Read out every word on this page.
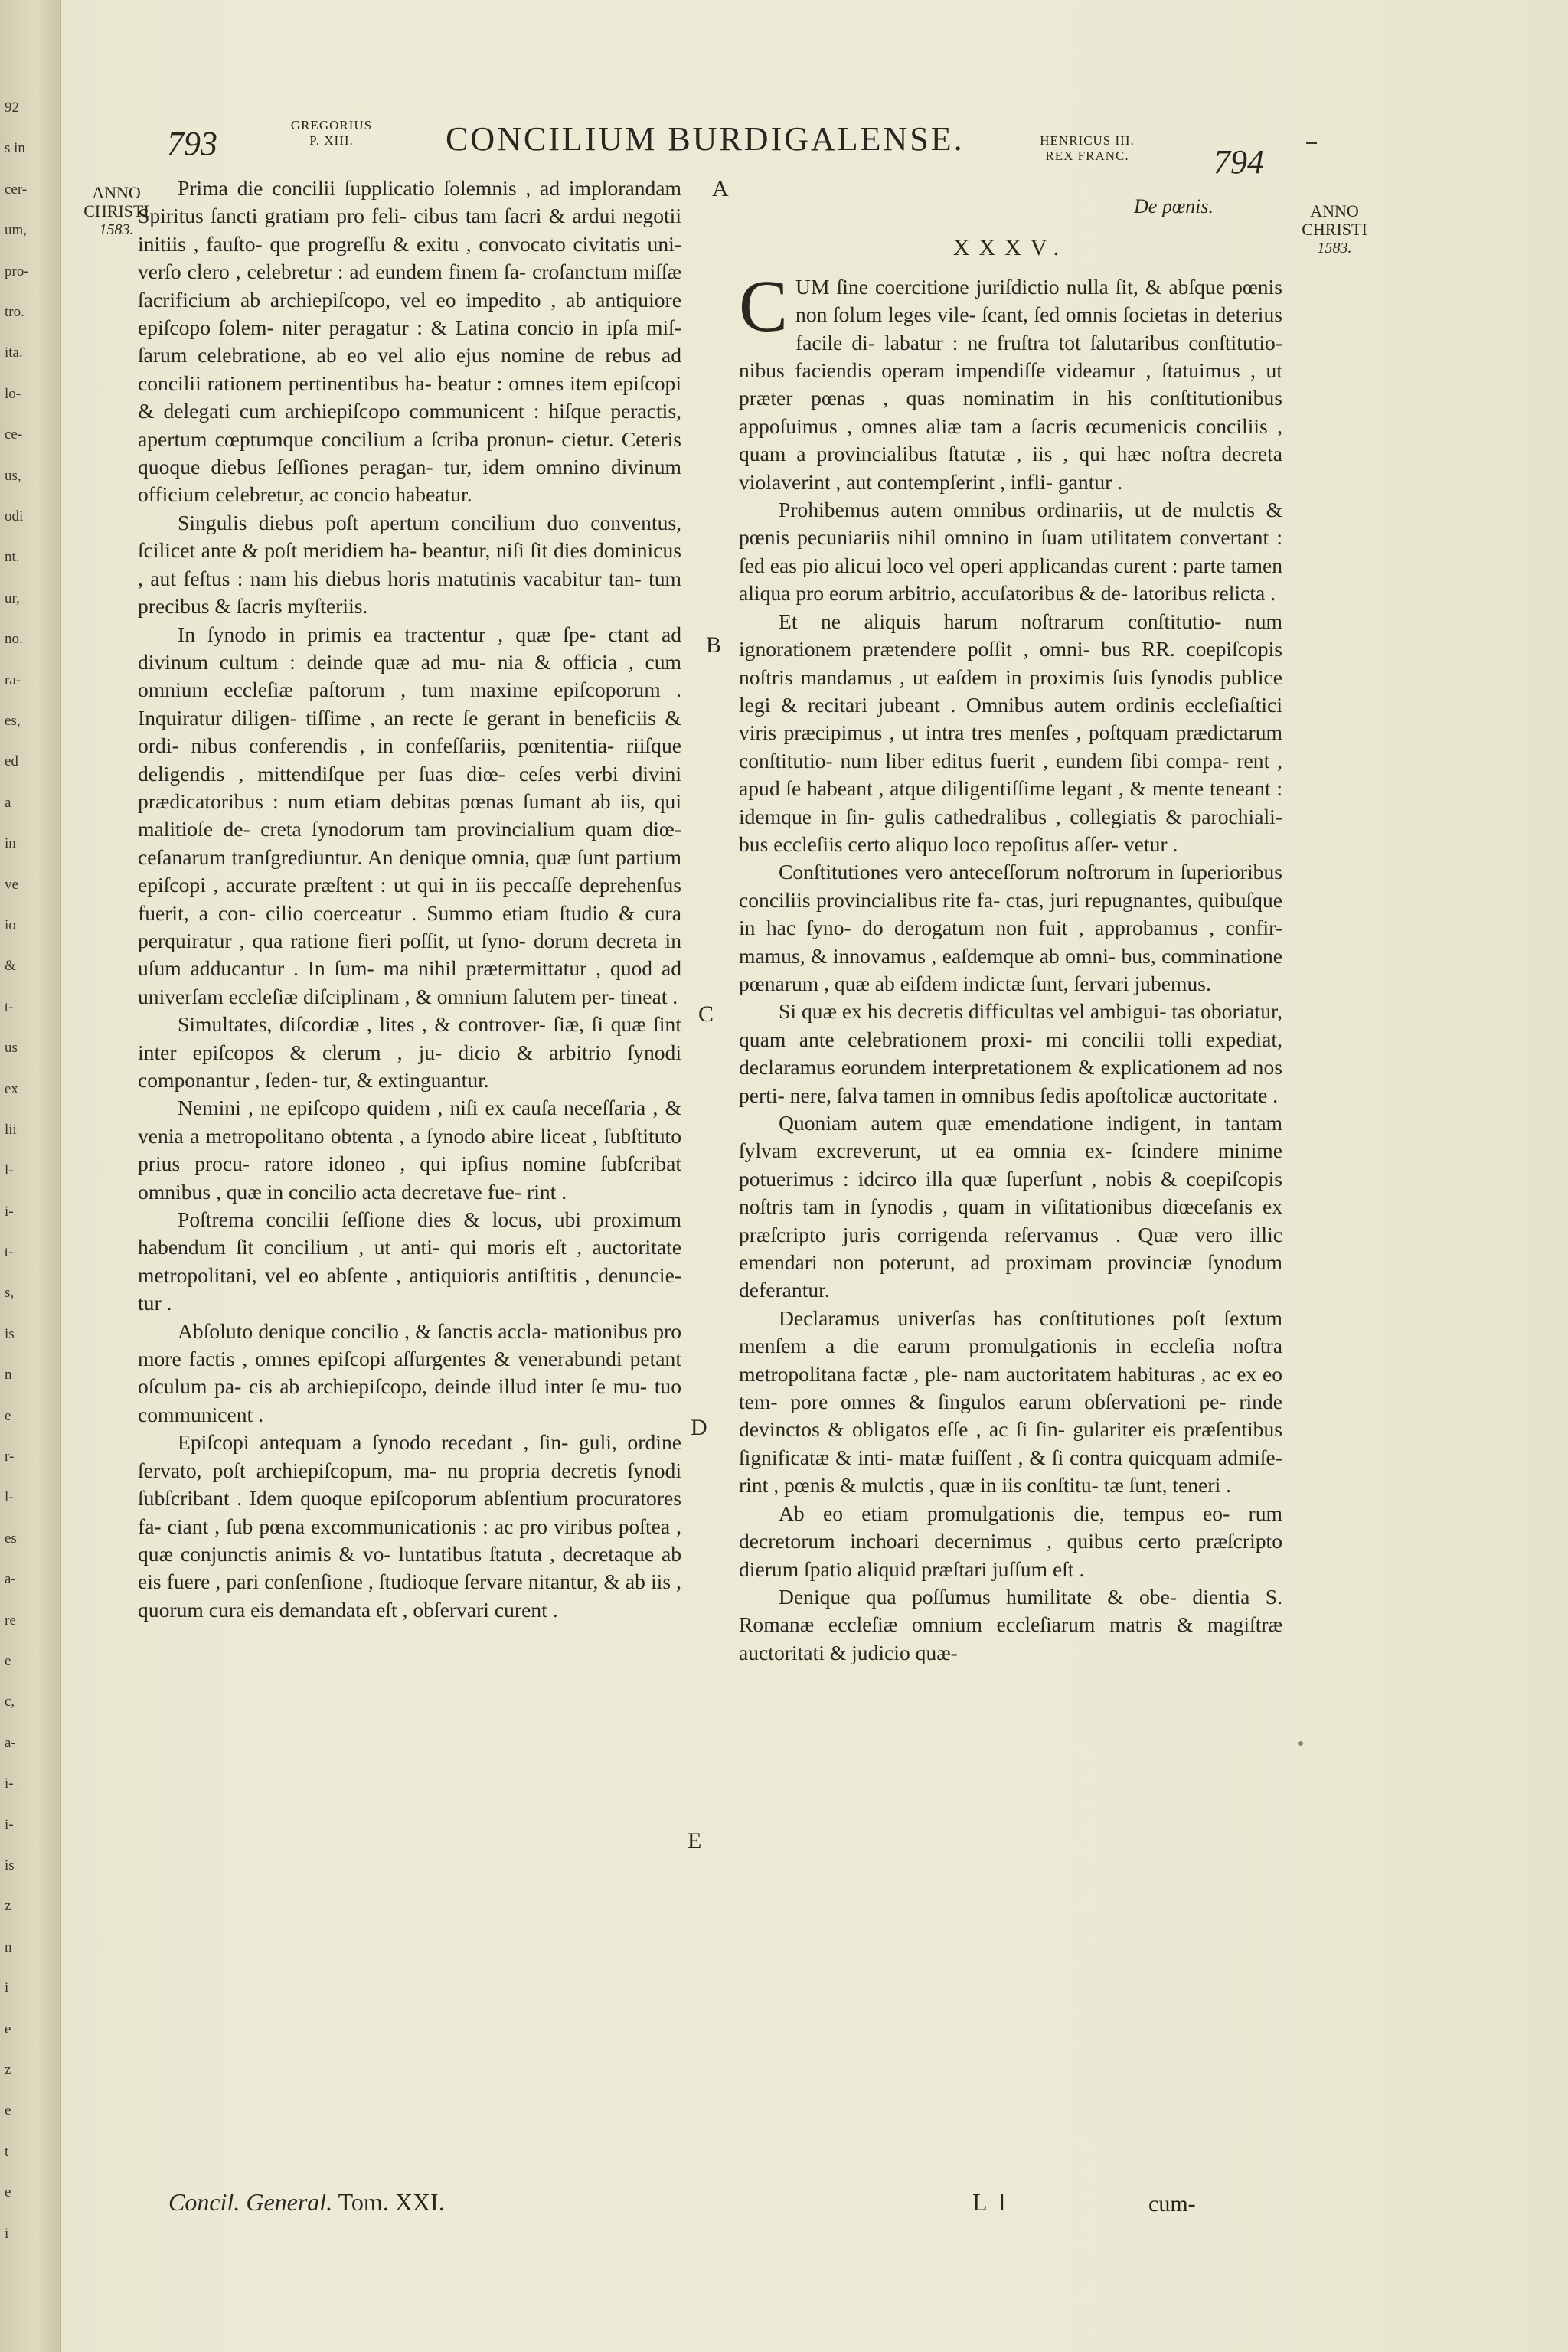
92
s in
cer-
um,
pro-
tro.
ita.
lo-
ce-
us,
odi
nt.
ur,
no.
ra-
es,
ed
a
in
ve
io
&
t-
us
ex
lii
l-
i-
t-
s,
is
n
e
r-
l-
es
a-
re
e
c,
a-
i-
i-
is
z
n
i
e
z
e
t
e
i
793	GREGORIUS
P. XIII.	CONCILIUM BURDIGALENSE.	HENRICUS III.
REX FRANC.	794
ANNO
CHRISTI
1583.
ANNO
CHRISTI
1583.
A
B
C
D
E

Prima die concilii ſupplicatio ſolemnis , ad implorandam Spiritus ſancti gratiam pro feli- cibus tam ſacri & ardui negotii initiis , fauſto- que progreſſu & exitu , convocato civitatis uni- verſo clero , celebretur : ad eundem finem ſa- croſanctum miſſæ ſacrificium ab archiepiſcopo, vel eo impedito , ab antiquiore epiſcopo ſolem- niter peragatur : & Latina concio in ipſa miſ- ſarum celebratione, ab eo vel alio ejus nomine de rebus ad concilii rationem pertinentibus ha- beatur : omnes item epiſcopi & delegati cum archiepiſcopo communicent : hiſque peractis, apertum cœptumque concilium a ſcriba pronun- cietur. Ceteris quoque diebus ſeſſiones peragan- tur, idem omnino divinum officium celebretur, ac concio habeatur.

Singulis diebus poſt apertum concilium duo conventus, ſcilicet ante & poſt meridiem ha- beantur, niſi ſit dies dominicus , aut feſtus : nam his diebus horis matutinis vacabitur tan- tum precibus & ſacris myſteriis.

In ſynodo in primis ea tractentur , quæ ſpe- ctant ad divinum cultum : deinde quæ ad mu- nia & officia , cum omnium eccleſiæ paſtorum , tum maxime epiſcoporum . Inquiratur diligen- tiſſime , an recte ſe gerant in beneficiis & ordi- nibus conferendis , in confeſſariis, pœnitentia- riiſque deligendis , mittendiſque per ſuas diœ- ceſes verbi divini prædicatoribus : num etiam debitas pœnas ſumant ab iis, qui malitioſe de- creta ſynodorum tam provincialium quam diœ- ceſanarum tranſgrediuntur. An denique omnia, quæ ſunt partium epiſcopi , accurate præſtent : ut qui in iis peccaſſe deprehenſus fuerit, a con- cilio coerceatur . Summo etiam ſtudio & cura perquiratur , qua ratione fieri poſſit, ut ſyno- dorum decreta in uſum adducantur . In ſum- ma nihil prætermittatur , quod ad univerſam eccleſiæ diſciplinam , & omnium ſalutem per- tineat .

Simultates, diſcordiæ , lites , & controver- ſiæ, ſi quæ ſint inter epiſcopos & clerum , ju- dicio & arbitrio ſynodi componantur , ſeden- tur, & extinguantur.

Nemini , ne epiſcopo quidem , niſi ex cauſa neceſſaria , & venia a metropolitano obtenta , a ſynodo abire liceat , ſubſtituto prius procu- ratore idoneo , qui ipſius nomine ſubſcribat omnibus , quæ in concilio acta decretave fue- rint .

Poſtrema concilii ſeſſione dies & locus, ubi proximum habendum ſit concilium , ut anti- qui moris eſt , auctoritate metropolitani, vel eo abſente , antiquioris antiſtitis , denuncie- tur .

Abſoluto denique concilio , & ſanctis accla- mationibus pro more factis , omnes epiſcopi aſſurgentes & venerabundi petant oſculum pa- cis ab archiepiſcopo, deinde illud inter ſe mu- tuo communicent .

Epiſcopi antequam a ſynodo recedant , ſin- guli, ordine ſervato, poſt archiepiſcopum, ma- nu propria decretis ſynodi ſubſcribant . Idem quoque epiſcoporum abſentium procuratores fa- ciant , ſub pœna excommunicationis : ac pro viribus poſtea , quæ conjunctis animis & vo- luntatibus ſtatuta , decretaque ab eis fuere , pari conſenſione , ſtudioque ſervare nitantur, & ab iis , quorum cura eis demandata eſt , obſervari curent .

De pœnis.
XXXV.

CUM ſine coercitione juriſdictio nulla ſit, & abſque pœnis non ſolum leges vile- ſcant, ſed omnis ſocietas in deterius facile di- labatur : ne fruſtra tot ſalutaribus conſtitutio- nibus faciendis operam impendiſſe videamur , ſtatuimus , ut præter pœnas , quas nominatim in his conſtitutionibus appoſuimus , omnes aliæ tam a ſacris œcumenicis conciliis , quam a provincialibus ſtatutæ , iis , qui hæc noſtra decreta violaverint , aut contempſerint , infli- gantur .

Prohibemus autem omnibus ordinariis, ut de mulctis & pœnis pecuniariis nihil omnino in ſuam utilitatem convertant : ſed eas pio alicui loco vel operi applicandas curent : parte tamen aliqua pro eorum arbitrio, accuſatoribus & de- latoribus relicta .

Et ne aliquis harum noſtrarum conſtitutio- num ignorationem prætendere poſſit , omni- bus RR. coepiſcopis noſtris mandamus , ut eaſdem in proximis ſuis ſynodis publice legi & recitari jubeant . Omnibus autem ordinis eccleſiaſtici viris præcipimus , ut intra tres menſes , poſtquam prædictarum conſtitutio- num liber editus fuerit , eundem ſibi compa- rent , apud ſe habeant , atque diligentiſſime legant , & mente teneant : idemque in ſin- gulis cathedralibus , collegiatis & parochiali- bus eccleſiis certo aliquo loco repoſitus aſſer- vetur .

Conſtitutiones vero anteceſſorum noſtrorum in ſuperioribus conciliis provincialibus rite fa- ctas, juri repugnantes, quibuſque in hac ſyno- do derogatum non fuit , approbamus , confir- mamus, & innovamus , eaſdemque ab omni- bus, comminatione pœnarum , quæ ab eiſdem indictæ ſunt, ſervari jubemus.

Si quæ ex his decretis difficultas vel ambigui- tas oboriatur, quam ante celebrationem proxi- mi concilii tolli expediat, declaramus eorundem interpretationem & explicationem ad nos perti- nere, ſalva tamen in omnibus ſedis apoſtolicæ auctoritate .

Quoniam autem quæ emendatione indigent, in tantam ſylvam excreverunt, ut ea omnia ex- ſcindere minime potuerimus : idcirco illa quæ ſuperſunt , nobis & coepiſcopis noſtris tam in ſynodis , quam in viſitationibus diœceſanis ex præſcripto juris corrigenda reſervamus . Quæ vero illic emendari non poterunt, ad proximam provinciæ ſynodum deferantur.

Declaramus univerſas has conſtitutiones poſt ſextum menſem a die earum promulgationis in eccleſia noſtra metropolitana factæ , ple- nam auctoritatem habituras , ac ex eo tem- pore omnes & ſingulos earum obſervationi pe- rinde devinctos & obligatos eſſe , ac ſi ſin- gulariter eis præſentibus ſignificatæ & inti- matæ fuiſſent , & ſi contra quicquam admiſe- rint , pœnis & mulctis , quæ in iis conſtitu- tæ ſunt, teneri .

Ab eo etiam promulgationis die, tempus eo- rum decretorum inchoari decernimus , quibus certo præſcripto dierum ſpatio aliquid præſtari juſſum eſt .

Denique qua poſſumus humilitate & obe- dientia S. Romanæ eccleſiæ omnium eccleſiarum matris & magiſtræ auctoritati & judicio quæ-

Concil. General. Tom. XXI.	L l	cum-
